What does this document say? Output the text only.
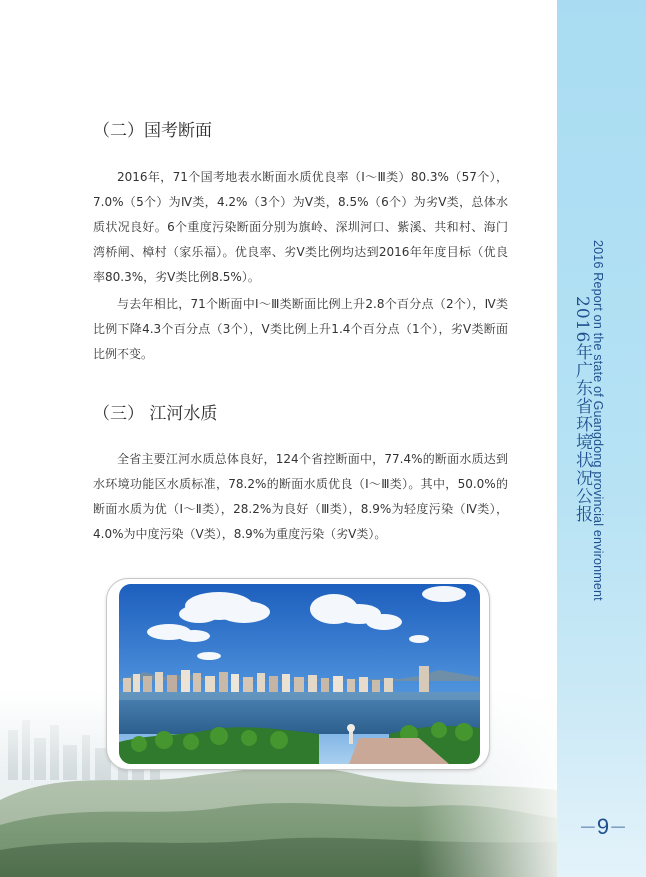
2016 Report on the state of Guangdong provincial environment
2016年广东省环境状况公报
－9－
（二）国考断面

2016年，71个国考地表水断面水质优良率（Ⅰ～Ⅲ类）80.3%（57个），7.0%（5个）为Ⅳ类，4.2%（3个）为Ⅴ类，8.5%（6个）为劣Ⅴ类，总体水质状况良好。6个重度污染断面分别为旗岭、深圳河口、紫溪、共和村、海门湾桥闸、樟村（家乐福）。优良率、劣Ⅴ类比例均达到2016年年度目标（优良率80.3%，劣Ⅴ类比例8.5%）。

与去年相比，71个断面中Ⅰ～Ⅲ类断面比例上升2.8个百分点（2个），Ⅳ类比例下降4.3个百分点（3个），Ⅴ类比例上升1.4个百分点（1个），劣Ⅴ类断面比例不变。

（三） 江河水质

全省主要江河水质总体良好，124个省控断面中，77.4%的断面水质达到水环境功能区水质标准，78.2%的断面水质优良（Ⅰ～Ⅲ类）。其中，50.0%的断面水质为优（Ⅰ～Ⅱ类），28.2%为良好（Ⅲ类），8.9%为轻度污染（Ⅳ类），4.0%为中度污染（Ⅴ类），8.9%为重度污染（劣Ⅴ类）。
